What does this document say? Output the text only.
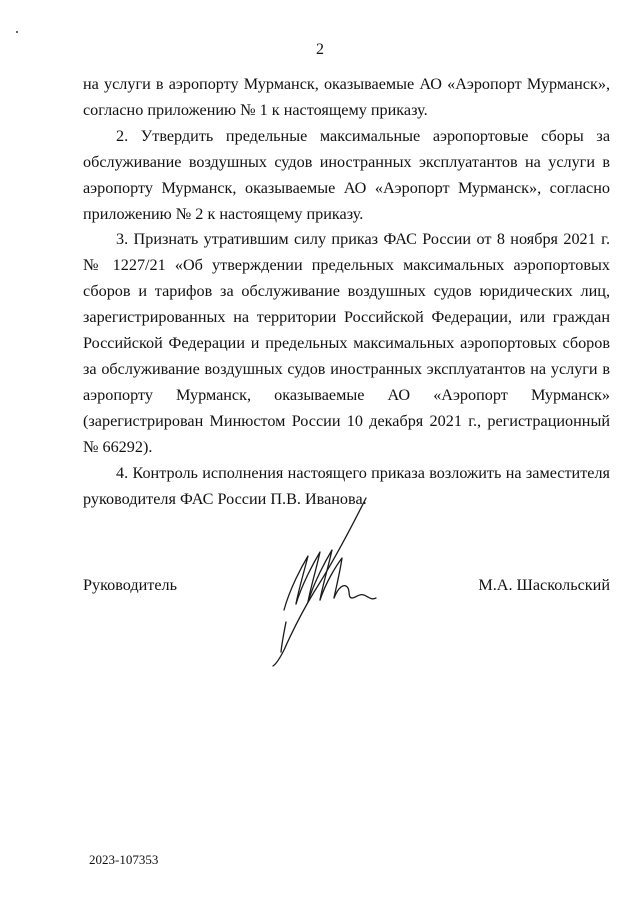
2

на услуги в аэропорту Мурманск, оказываемые АО «Аэропорт Мурманск», согласно приложению № 1 к настоящему приказу.

2. Утвердить предельные максимальные аэропортовые сборы за обслуживание воздушных судов иностранных эксплуатантов на услуги в аэропорту Мурманск, оказываемые АО «Аэропорт Мурманск», согласно приложению № 2 к настоящему приказу.

3. Признать утратившим силу приказ ФАС России от 8 ноября 2021 г. № 1227/21 «Об утверждении предельных максимальных аэропортовых сборов и тарифов за обслуживание воздушных судов юридических лиц, зарегистрированных на территории Российской Федерации, или граждан Российской Федерации и предельных максимальных аэропортовых сборов за обслуживание воздушных судов иностранных эксплуатантов на услуги в аэропорту Мурманск, оказываемые АО «Аэропорт Мурманск» (зарегистрирован Минюстом России 10 декабря 2021 г., регистрационный № 66292).

4. Контроль исполнения настоящего приказа возложить на заместителя руководителя ФАС России П.В. Иванова.

Руководитель	М.А. Шаскольский
2023-107353
